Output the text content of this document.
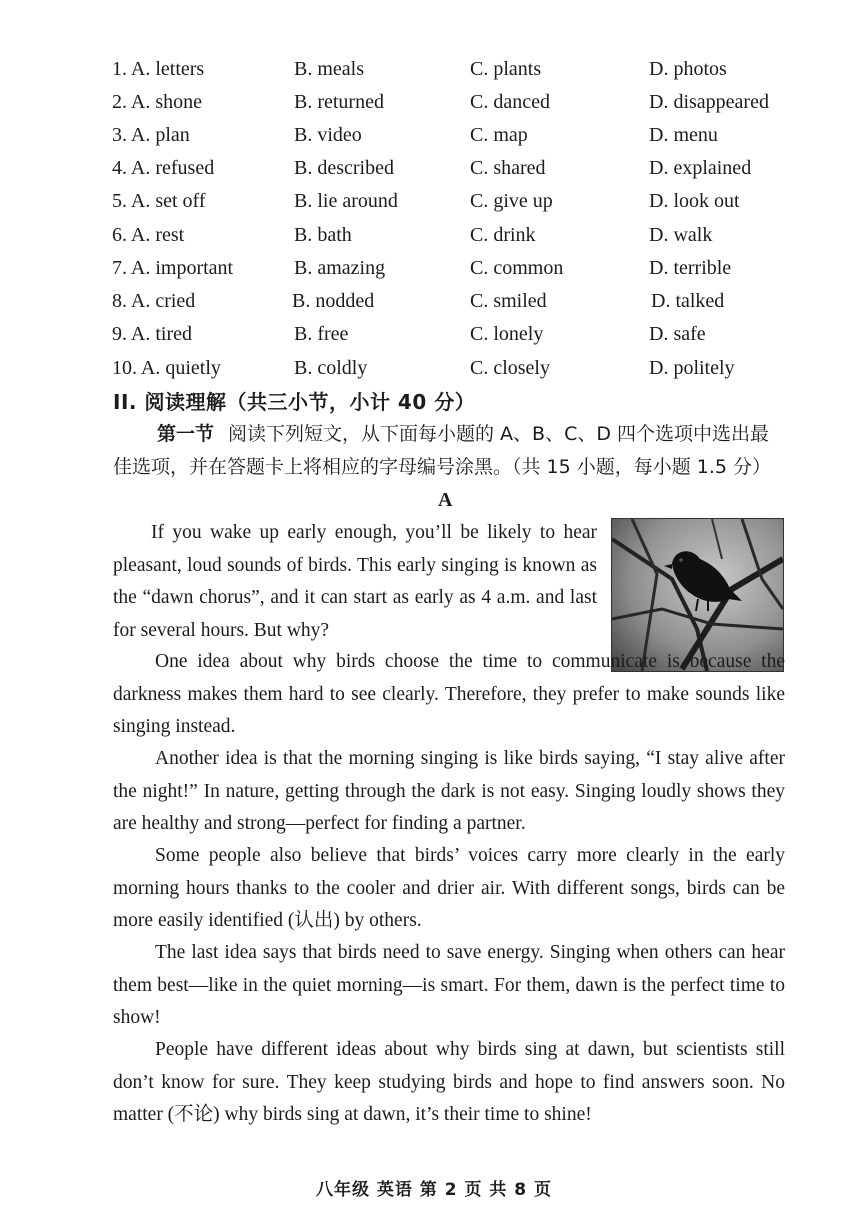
1. A. letters	B. meals	C. plants	D. photos
2. A. shone	B. returned	C. danced	D. disappeared
3. A. plan	B. video	C. map	D. menu
4. A. refused	B. described	C. shared	D. explained
5. A. set off	B. lie around	C. give up	D. look out
6. A. rest	B. bath	C. drink	D. walk
7. A. important	B. amazing	C. common	D. terrible
8. A. cried	B. nodded	C. smiled	D. talked
9. A. tired	B. free	C. lonely	D. safe
10. A. quietly	B. coldly	C. closely	D. politely
II. 阅读理解（共三小节，小计 40 分）
第一节 阅读下列短文，从下面每小题的 A、B、C、D 四个选项中选出最
佳选项，并在答题卡上将相应的字母编号涂黑。（共 15 小题，每小题 1.5 分）
A

If you wake up early enough, you’ll be likely to hear pleasant, loud sounds of birds. This early singing is known as the “dawn chorus”, and it can start as early as 4 a.m. and last for several hours. But why?

One idea about why birds choose the time to communicate is because the darkness makes them hard to see clearly. Therefore, they prefer to make sounds like singing instead.

Another idea is that the morning singing is like birds saying, “I stay alive after the night!” In nature, getting through the dark is not easy. Singing loudly shows they are healthy and strong—perfect for finding a partner.

Some people also believe that birds’ voices carry more clearly in the early morning hours thanks to the cooler and drier air. With different songs, birds can be more easily identified (认出) by others.

The last idea says that birds need to save energy. Singing when others can hear them best—like in the quiet morning—is smart. For them, dawn is the perfect time to show!

People have different ideas about why birds sing at dawn, but scientists still don’t know for sure. They keep studying birds and hope to find answers soon. No matter (不论) why birds sing at dawn, it’s their time to shine!

八年级 英语 第 2 页 共 8 页
